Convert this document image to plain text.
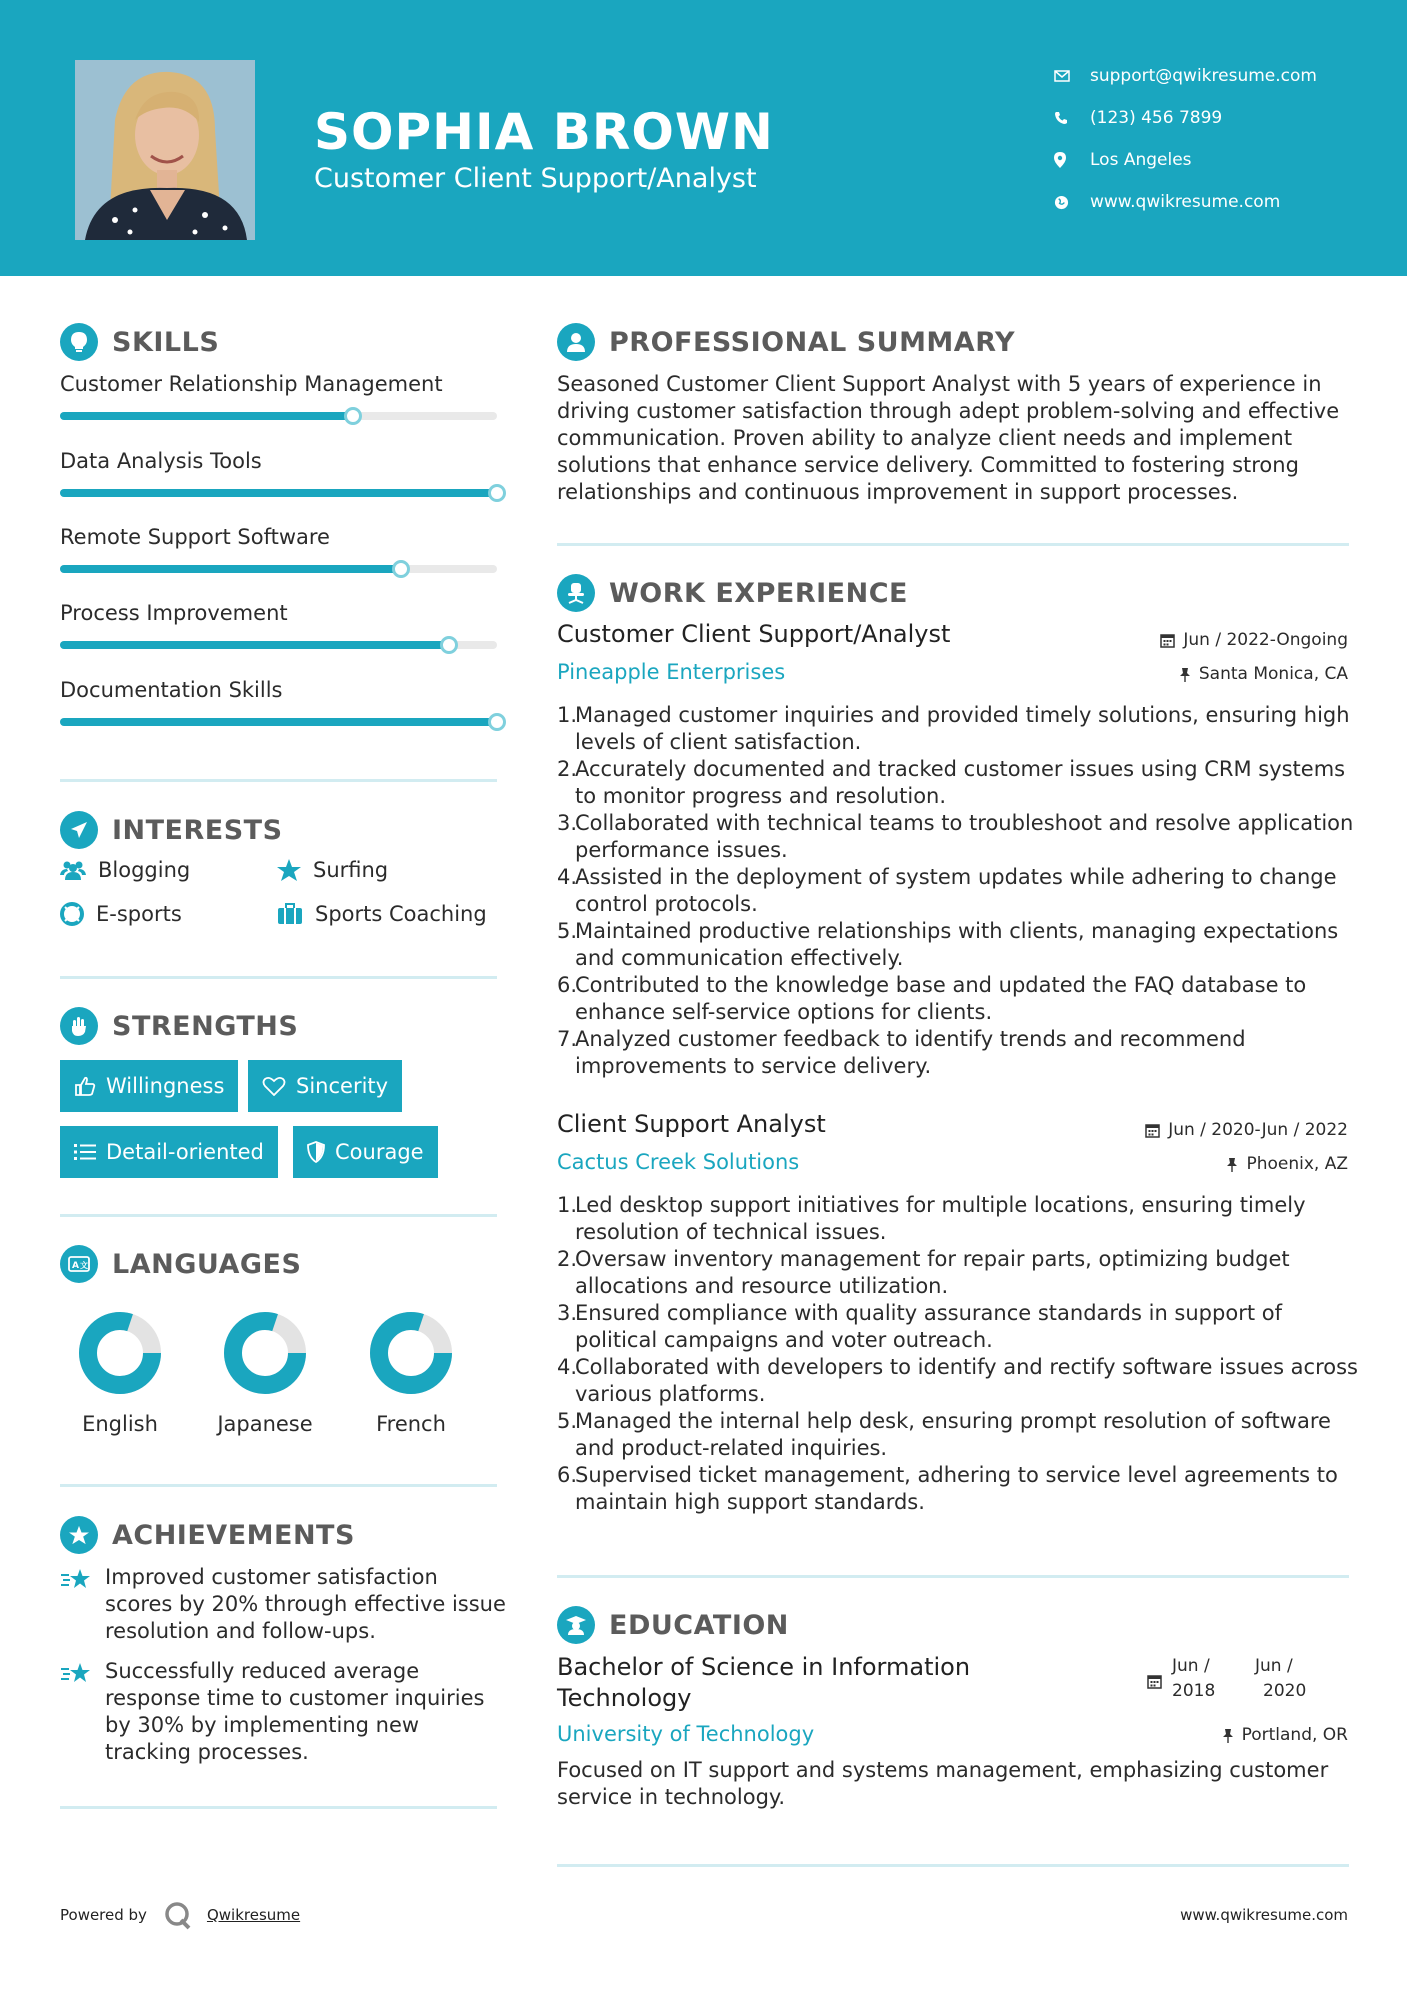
SOPHIA BROWN
Customer Client Support/Analyst
support@qwikresume.com
(123) 456 7899
Los Angeles
www.qwikresume.com
SKILLS
Customer Relationship Management
Data Analysis Tools
Remote Support Software
Process Improvement
Documentation Skills
INTERESTS
Blogging	Surfing
E-sports	Sports Coaching
STRENGTHS
Willingness	Sincerity
Detail-oriented	Courage
A 文 LANGUAGES
English	Japanese	French
ACHIEVEMENTS
Improved customer satisfaction scores by 20% through effective issue resolution and follow-ups.
Successfully reduced average response time to customer inquiries by 30% by implementing new tracking processes.
PROFESSIONAL SUMMARY
Seasoned Customer Client Support Analyst with 5 years of experience in driving customer satisfaction through adept problem-solving and effective communication. Proven ability to analyze client needs and implement solutions that enhance service delivery. Committed to fostering strong relationships and continuous improvement in support processes.
WORK EXPERIENCE
Customer Client Support/Analyst	Jun / 2022-Ongoing
Pineapple Enterprises	Santa Monica, CA
1.
Managed customer inquiries and provided timely solutions, ensuring high levels of client satisfaction.
2.
Accurately documented and tracked customer issues using CRM systems to monitor progress and resolution.
3.
Collaborated with technical teams to troubleshoot and resolve application performance issues.
4.
Assisted in the deployment of system updates while adhering to change control protocols.
5.
Maintained productive relationships with clients, managing expectations and communication effectively.
6.
Contributed to the knowledge base and updated the FAQ database to enhance self-service options for clients.
7.
Analyzed customer feedback to identify trends and recommend improvements to service delivery.
Client Support Analyst	Jun / 2020-Jun / 2022
Cactus Creek Solutions	Phoenix, AZ
1.
Led desktop support initiatives for multiple locations, ensuring timely resolution of technical issues.
2.
Oversaw inventory management for repair parts, optimizing budget allocations and resource utilization.
3.
Ensured compliance with quality assurance standards in support of political campaigns and voter outreach.
4.
Collaborated with developers to identify and rectify software issues across various platforms.
5.
Managed the internal help desk, ensuring prompt resolution of software and product-related inquiries.
6.
Supervised ticket management, adhering to service level agreements to maintain high support standards.
EDUCATION
Bachelor of Science in Information
Technology
Jun /
2018
Jun /
2020
University of Technology	Portland, OR
Focused on IT support and systems management, emphasizing customer service in technology.
Powered by	Qwikresume	www.qwikresume.com
